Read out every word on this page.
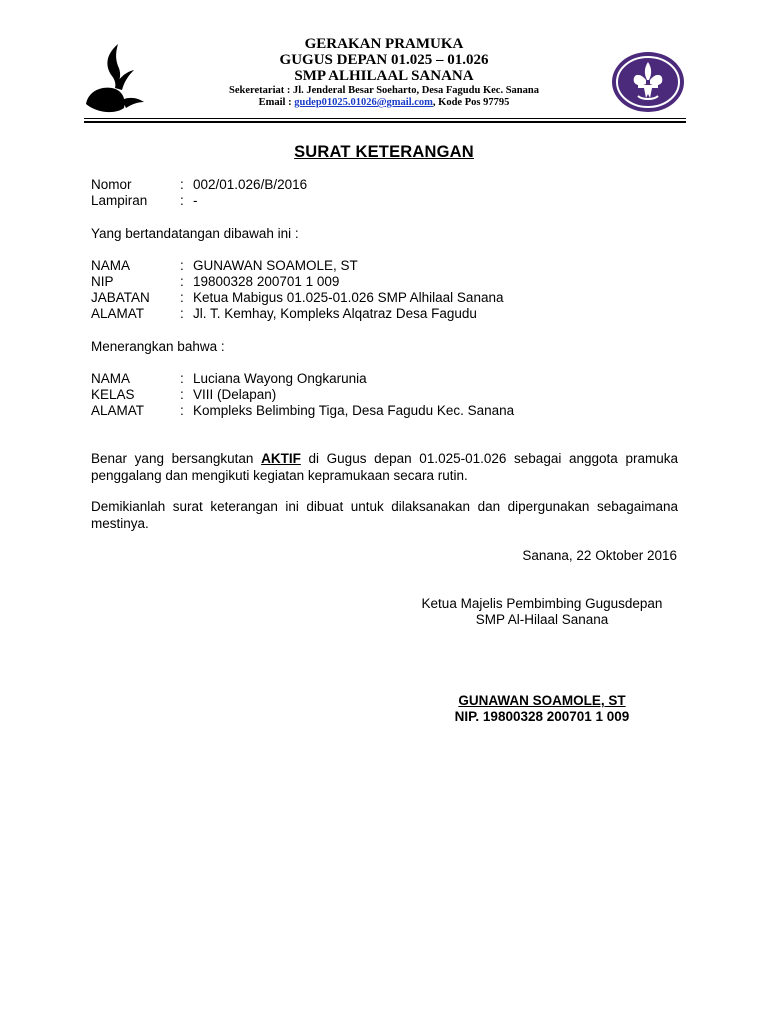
GERAKAN PRAMUKA
GUGUS DEPAN 01.025 – 01.026
SMP ALHILAAL SANANA
Sekeretariat : Jl. Jenderal Besar Soeharto, Desa Fagudu Kec. Sanana
Email : gudep01025.01026@gmail.com, Kode Pos 97795
SURAT KETERANGAN
Nomor	: 002/01.026/B/2016
Lampiran : -
Yang bertandatangan dibawah ini :
NAMA	: GUNAWAN SOAMOLE, ST
NIP	: 19800328 200701 1 009
JABATAN : Ketua Mabigus 01.025-01.026 SMP Alhilaal Sanana
ALAMAT	: Jl. T. Kemhay, Kompleks Alqatraz Desa Fagudu
Menerangkan bahwa :
NAMA	: Luciana Wayong Ongkarunia
KELAS	: VIII (Delapan)
ALAMAT	: Kompleks Belimbing Tiga, Desa Fagudu Kec. Sanana
Benar yang bersangkutan AKTIF di Gugus depan 01.025-01.026 sebagai anggota pramuka penggalang dan mengikuti kegiatan kepramukaan secara rutin.
Demikianlah surat keterangan ini dibuat untuk dilaksanakan dan dipergunakan sebagaimana mestinya.
Sanana, 22 Oktober 2016
Ketua Majelis Pembimbing Gugusdepan
SMP Al-Hilaal Sanana
GUNAWAN SOAMOLE, ST
NIP. 19800328 200701 1 009
